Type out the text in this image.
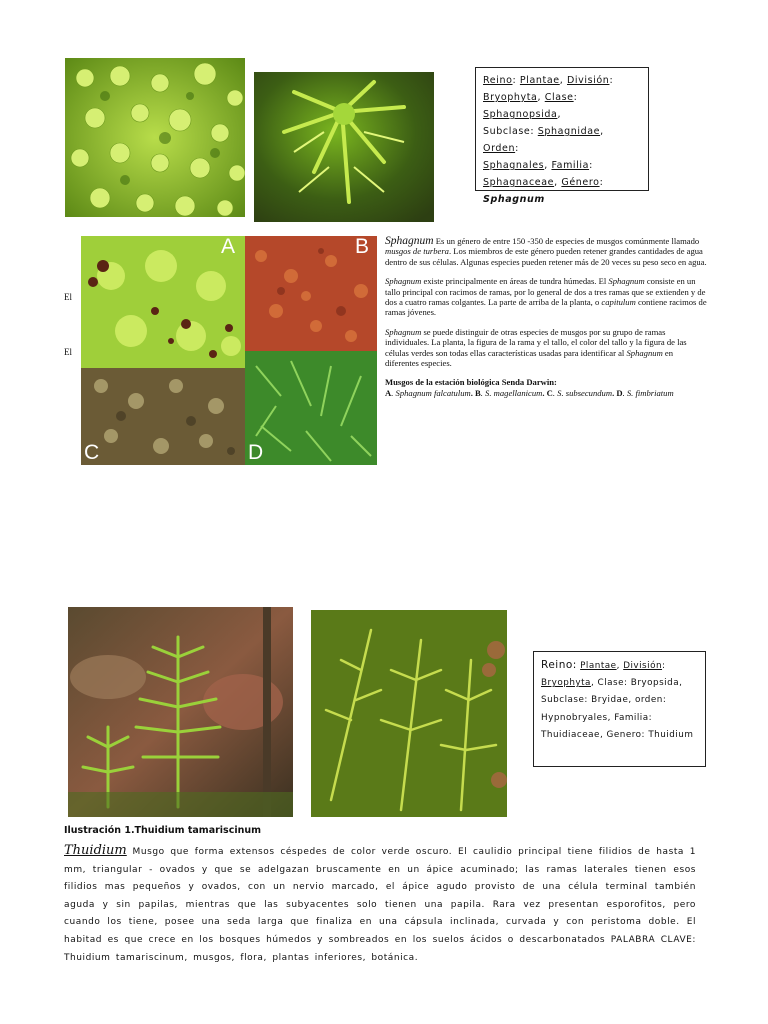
Reino: Plantae, División:
Bryophyta, Clase: Sphagnopsida,
Subclase: Sphagnidae, Orden:
Sphagnales, Familia:
Sphagnaceae, Género:
Sphagnum
El
El
A	B
C	D

Sphagnum Es un género de entre 150 -350 de especies de musgos comúnmente llamado musgos de turbera. Los miembros de este género pueden retener grandes cantidades de agua dentro de sus células. Algunas especies pueden retener más de 20 veces su peso seco en agua.

Sphagnum existe principalmente en áreas de tundra húmedas. El Sphagnum consiste en un tallo principal con racimos de ramas, por lo general de dos a tres ramas que se extienden y de dos a cuatro ramas colgantes. La parte de arriba de la planta, o capitulum contiene racimos de ramas jóvenes.

Sphagnum se puede distinguir de otras especies de musgos por su grupo de ramas individuales. La planta, la figura de la rama y el tallo, el color del tallo y la figura de las células verdes son todas ellas características usadas para identificar al Sphagnum en diferentes especies.

Musgos de la estación biológica Senda Darwin:
A. Sphagnum falcatulum. B. S. magellanicum. C. S. subsecundum. D. S. fimbriatum

Reino: Plantae, División:
Bryophyta, Clase: Bryopsida,
Subclase: Bryidae, orden:
Hypnobryales, Familia:
Thuidiaceae, Genero: Thuidium
Ilustración 1.Thuidium tamariscinum
Thuidium Musgo que forma extensos céspedes de color verde oscuro. El caulidio principal tiene filidios de hasta 1 mm, triangular - ovados y que se adelgazan bruscamente en un ápice acuminado; las ramas laterales tienen esos filidios mas pequeños y ovados, con un nervio marcado, el ápice agudo provisto de una célula terminal también aguda y sin papilas, mientras que las subyacentes solo tienen una papila. Rara vez presentan esporofitos, pero cuando los tiene, posee una seda larga que finaliza en una cápsula inclinada, curvada y con peristoma doble. El habitad es que crece en los bosques húmedos y sombreados en los suelos ácidos o descarbonatados PALABRA CLAVE: Thuidium tamariscinum, musgos, flora, plantas inferiores, botánica.
